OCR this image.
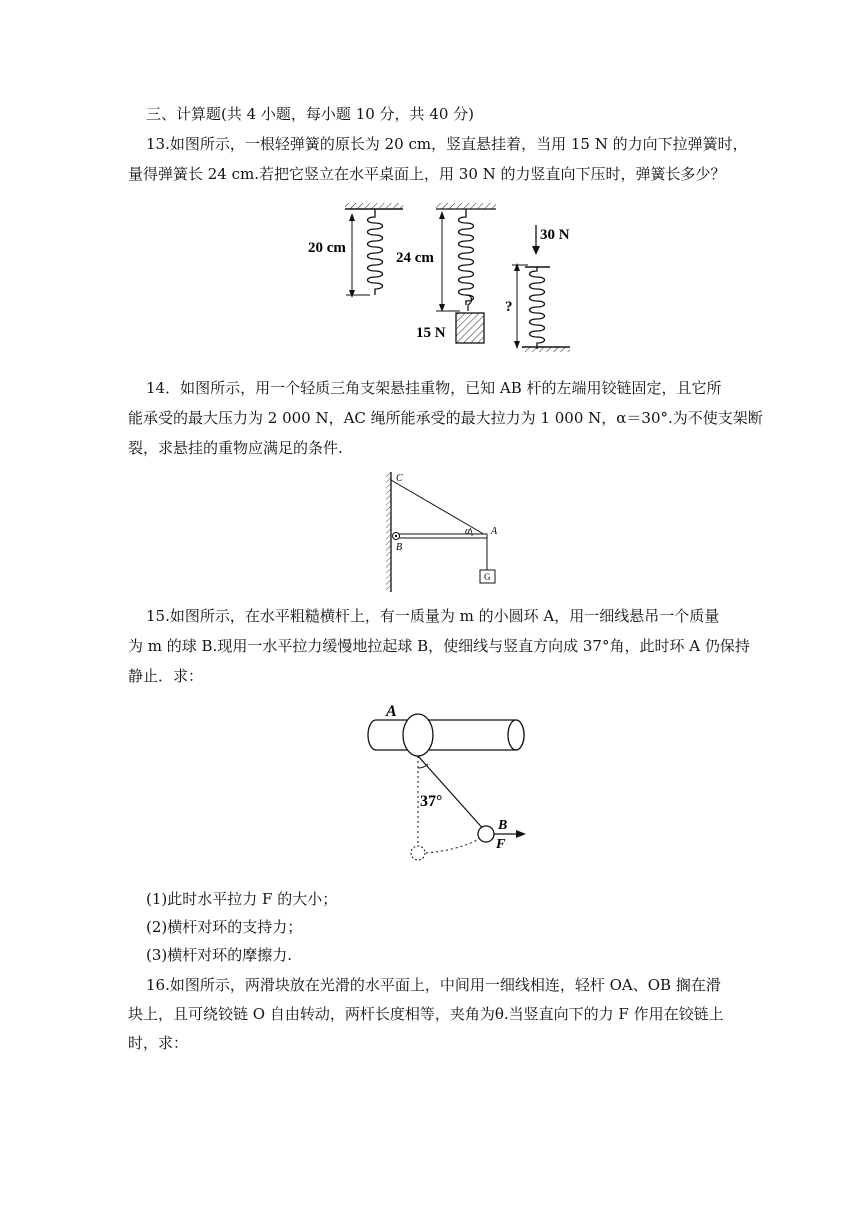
三、计算题(共 4 小题，每小题 10 分，共 40 分)
13.如图所示，一根轻弹簧的原长为 20 cm，竖直悬挂着，当用 15 N 的力向下拉弹簧时，
量得弹簧长 24 cm.若把它竖立在水平桌面上，用 30 N 的力竖直向下压时，弹簧长多少？
20 cm
24 cm
15 N
30 N
?
14．如图所示，用一个轻质三角支架悬挂重物，已知 AB 杆的左端用铰链固定，且它所
能承受的最大压力为 2 000 N，AC 绳所能承受的最大拉力为 1 000 N，α＝30°.为不使支架断
裂，求悬挂的重物应满足的条件.
C
B
A
α
G
15.如图所示，在水平粗糙横杆上，有一质量为 m 的小圆环 A，用一细线悬吊一个质量
为 m 的球 B.现用一水平拉力缓慢地拉起球 B，使细线与竖直方向成 37°角，此时环 A 仍保持
静止．求：
A
37°
B
F
(1)此时水平拉力 F 的大小；
(2)横杆对环的支持力；
(3)横杆对环的摩擦力.
16.如图所示，两滑块放在光滑的水平面上，中间用一细线相连，轻杆 OA、OB 搁在滑
块上，且可绕铰链 O 自由转动，两杆长度相等，夹角为θ.当竖直向下的力 F 作用在铰链上
时，求：
